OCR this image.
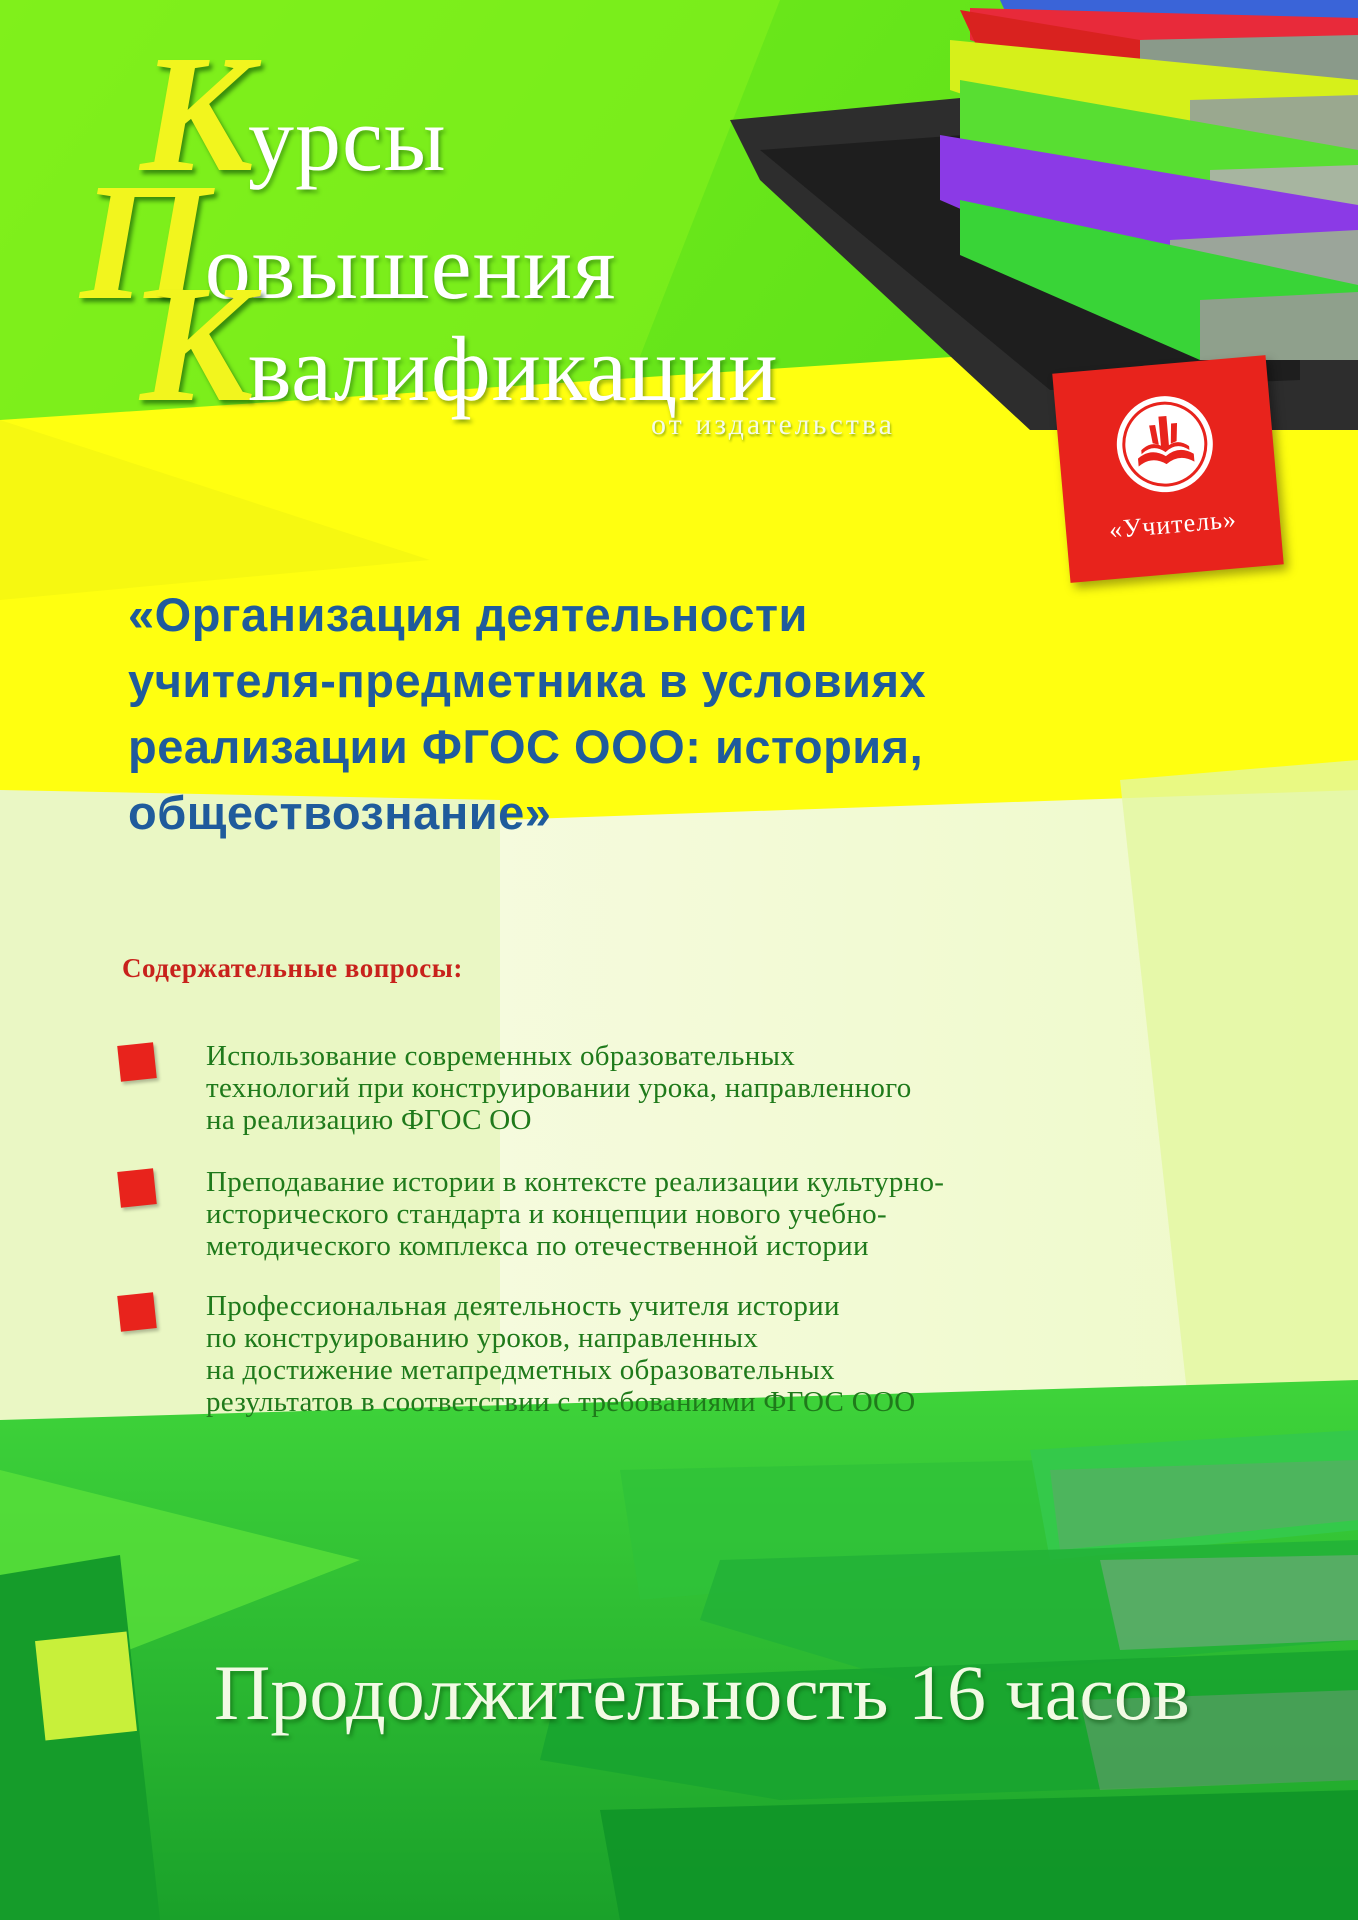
Курсы
Повышения
Квалификации
от издательства
«Учитель»
«Организация деятельности
учителя-предметника в условиях
реализации ФГОС ООО: история,
обществознание»
Содержательные вопросы:
Использование современных образовательных
технологий при конструировании урока, направленного
на реализацию ФГОС ОО
Преподавание истории в контексте реализации культурно-
исторического стандарта и концепции нового учебно-
методического комплекса по отечественной истории
Профессиональная деятельность учителя истории
по конструированию уроков, направленных
на достижение метапредметных образовательных
результатов в соответствии с требованиями ФГОС ООО
Продолжительность 16 часов
